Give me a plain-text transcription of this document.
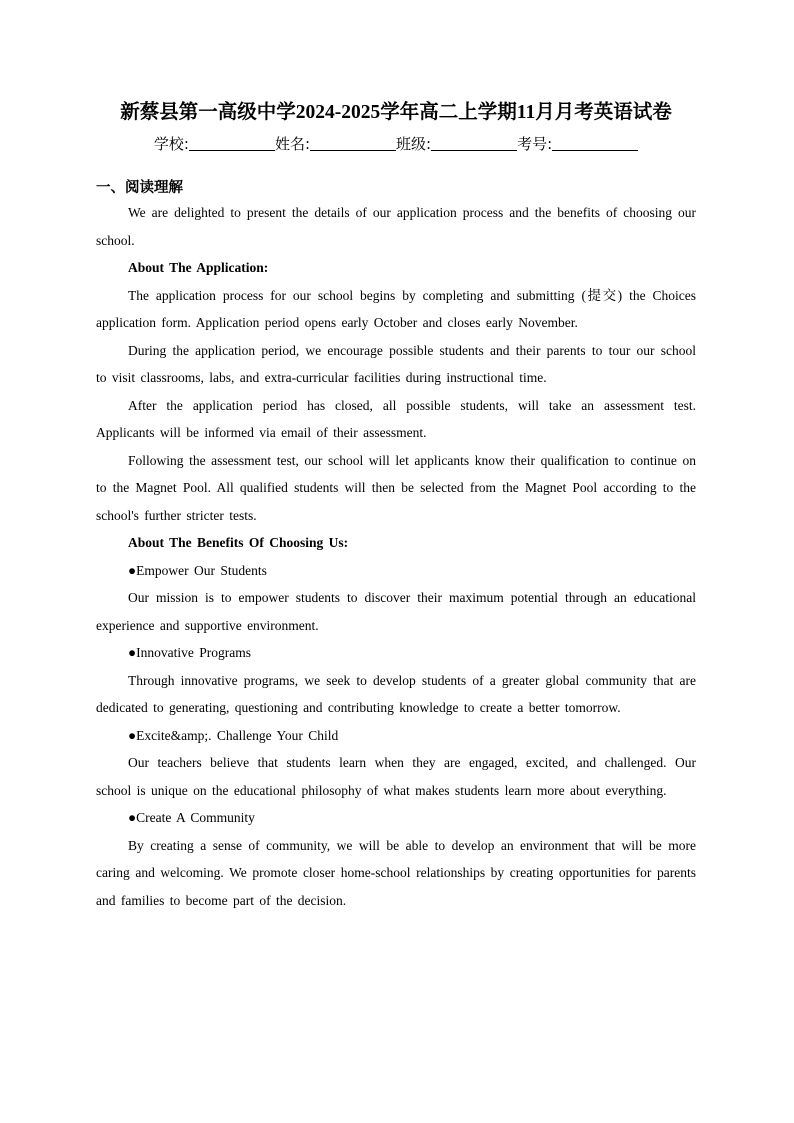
新蔡县第一高级中学2024-2025学年高二上学期11月月考英语试卷
学校:	姓名:	班级:	考号:
一、阅读理解

We are delighted to present the details of our application process and the benefits of choosing our school.

About The Application:

The application process for our school begins by completing and submitting (提交) the Choices application form. Application period opens early October and closes early November.

During the application period, we encourage possible students and their parents to tour our school to visit classrooms, labs, and extra-curricular facilities during instructional time.

After the application period has closed, all possible students, will take an assessment test. Applicants will be informed via email of their assessment.

Following the assessment test, our school will let applicants know their qualification to continue on to the Magnet Pool. All qualified students will then be selected from the Magnet Pool according to the school's further stricter tests.

About The Benefits Of Choosing Us:

●Empower Our Students

Our mission is to empower students to discover their maximum potential through an educational experience and supportive environment.

●Innovative Programs

Through innovative programs, we seek to develop students of a greater global community that are dedicated to generating, questioning and contributing knowledge to create a better tomorrow.

●Excite&amp;. Challenge Your Child

Our teachers believe that students learn when they are engaged, excited, and challenged. Our school is unique on the educational philosophy of what makes students learn more about everything.

●Create A Community

By creating a sense of community, we will be able to develop an environment that will be more caring and welcoming. We promote closer home-school relationships by creating opportunities for parents and families to become part of the decision.
